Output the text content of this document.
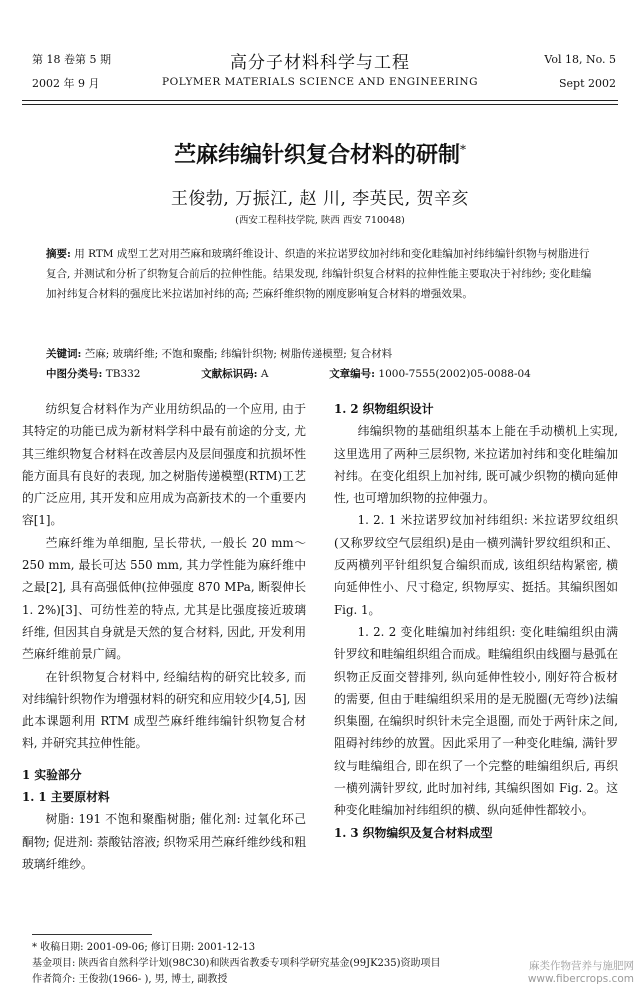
第 18 卷第 5 期
2002 年 9 月
高分子材料科学与工程
POLYMER MATERIALS SCIENCE AND ENGINEERING
Vol 18, No. 5
Sept 2002
苎麻纬编针织复合材料的研制*
王俊勃, 万振江, 赵 川, 李英民, 贺辛亥
(西安工程科技学院, 陕西 西安 710048)
摘要: 用 RTM 成型工艺对用苎麻和玻璃纤维设计、织造的米拉诺罗纹加衬纬和变化畦编加衬纬纬编针织物与树脂进行复合, 并测试和分析了织物复合前后的拉伸性能。结果发现, 纬编针织复合材料的拉伸性能主要取决于衬纬纱; 变化畦编加衬纬复合材料的强度比米拉诺加衬纬的高; 苎麻纤维织物的刚度影响复合材料的增强效果。
关键词: 苎麻; 玻璃纤维; 不饱和聚酯; 纬编针织物; 树脂传递模塑; 复合材料
中图分类号: TB332	文献标识码: A	文章编号: 1000-7555(2002)05-0088-04

纺织复合材料作为产业用纺织品的一个应用, 由于其特定的功能已成为新材料学科中最有前途的分支, 尤其三维织物复合材料在改善层内及层间强度和抗损坏性能方面具有良好的表现, 加之树脂传递模塑(RTM)工艺的广泛应用, 其开发和应用成为高新技术的一个重要内容[1]。

苎麻纤维为单细胞, 呈长带状, 一般长 20 mm～250 mm, 最长可达 550 mm, 其力学性能为麻纤维中之最[2], 具有高强低伸(拉伸强度 870 MPa, 断裂伸长1. 2%)[3]、可纺性差的特点, 尤其是比强度接近玻璃纤维, 但因其自身就是天然的复合材料, 因此, 开发利用苎麻纤维前景广阔。

在针织物复合材料中, 经编结构的研究比较多, 而对纬编针织物作为增强材料的研究和应用较少[4,5], 因此本课题利用 RTM 成型苎麻纤维纬编针织物复合材料, 并研究其拉伸性能。

1 实验部分

1. 1 主要原材料

树脂: 191 不饱和聚酯树脂; 催化剂: 过氧化环己酮物; 促进剂: 萘酸钴溶液; 织物采用苎麻纤维纱线和粗玻璃纤维纱。

1. 2 织物组织设计

纬编织物的基础组织基本上能在手动横机上实现, 这里选用了两种三层织物, 米拉诺加衬纬和变化畦编加衬纬。在变化组织上加衬纬, 既可减少织物的横向延伸性, 也可增加织物的拉伸强力。

1. 2. 1 米拉诺罗纹加衬纬组织: 米拉诺罗纹组织(又称罗纹空气层组织)是由一横列满针罗纹组织和正、反两横列平针组织复合编织而成, 该组织结构紧密, 横向延伸性小、尺寸稳定, 织物厚实、挺括。其编织图如 Fig. 1。

1. 2. 2 变化畦编加衬纬组织: 变化畦编组织由满针罗纹和畦编组织组合而成。畦编组织由线圈与悬弧在织物正反面交替排列, 纵向延伸性较小, 刚好符合板材的需要, 但由于畦编组织采用的是无脱圈(无弯纱)法编织集圈, 在编织时织针未完全退圈, 而处于两针床之间, 阻碍衬纬纱的放置。因此采用了一种变化畦编, 满针罗纹与畦编组合, 即在织了一个完整的畦编组织后, 再织一横列满针罗纹, 此时加衬纬, 其编织图如 Fig. 2。这种变化畦编加衬纬组织的横、纵向延伸性都较小。

1. 3 织物编织及复合材料成型

* 收稿日期: 2001-09-06; 修订日期: 2001-12-13
基金项目: 陕西省自然科学计划(98C30)和陕西省教委专项科学研究基金(99JK235)资助项目
作者简介: 王俊勃(1966- ), 男, 博士, 副教授
麻类作物营养与施肥网
www.fibercrops.com
